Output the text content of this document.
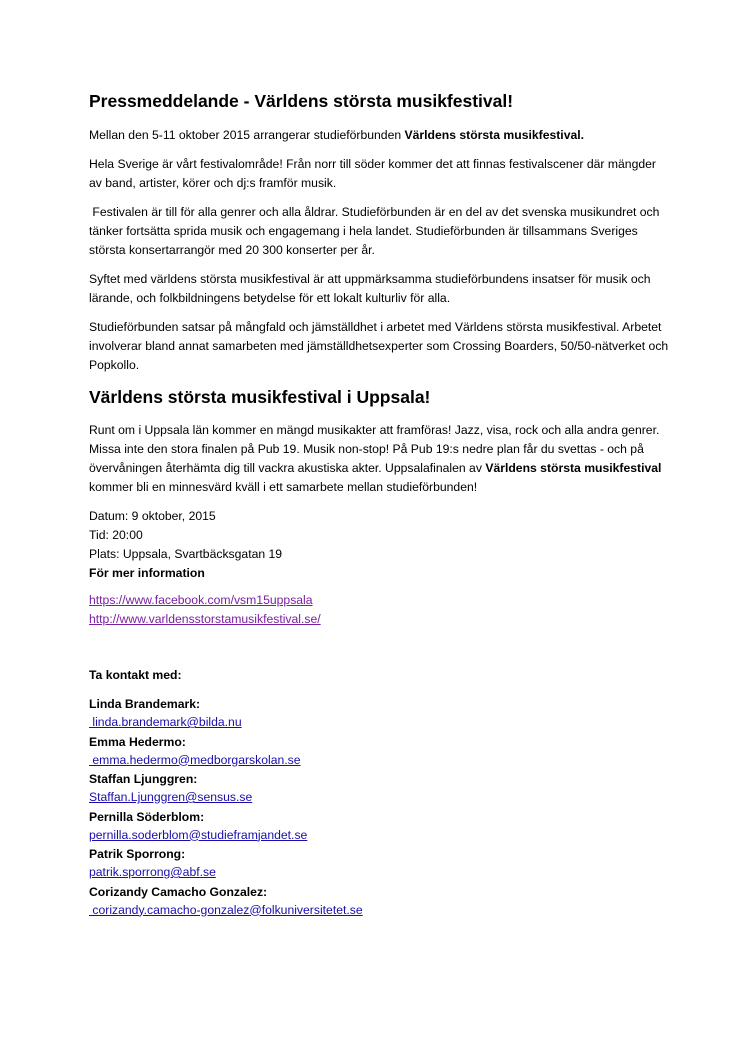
Pressmeddelande - Världens största musikfestival!

Mellan den 5-11 oktober 2015 arrangerar studieförbunden Världens största musikfestival.

Hela Sverige är vårt festivalområde! Från norr till söder kommer det att finnas festivalscener där mängder av band, artister, körer och dj:s framför musik.

Festivalen är till för alla genrer och alla åldrar. Studieförbunden är en del av det svenska musikundret och tänker fortsätta sprida musik och engagemang i hela landet. Studieförbunden är tillsammans Sveriges största konsertarrangör med 20 300 konserter per år.

Syftet med världens största musikfestival är att uppmärksamma studieförbundens insatser för musik och lärande, och folkbildningens betydelse för ett lokalt kulturliv för alla.

Studieförbunden satsar på mångfald och jämställdhet i arbetet med Världens största musikfestival. Arbetet involverar bland annat samarbeten med jämställdhetsexperter som Crossing Boarders, 50/50-nätverket och Popkollo.

Världens största musikfestival i Uppsala!

Runt om i Uppsala län kommer en mängd musikakter att framföras! Jazz, visa, rock och alla andra genrer. Missa inte den stora finalen på Pub 19. Musik non-stop! På Pub 19:s nedre plan får du svettas - och på övervåningen återhämta dig till vackra akustiska akter. Uppsalafinalen av Världens största musikfestival kommer bli en minnesvärd kväll i ett samarbete mellan studieförbunden!

Datum: 9 oktober, 2015
Tid: 20:00
Plats: Uppsala, Svartbäcksgatan 19
För mer information
https://www.facebook.com/vsm15uppsala
http://www.varldensstorstamusikfestival.se/
Ta kontakt med:
Linda Brandemark:
linda.brandemark@bilda.nu
Emma Hedermo:
emma.hedermo@medborgarskolan.se
Staffan Ljunggren:
Staffan.Ljunggren@sensus.se
Pernilla Söderblom:
pernilla.soderblom@studieframjandet.se
Patrik Sporrong:
patrik.sporrong@abf.se
Corizandy Camacho Gonzalez:
corizandy.camacho-gonzalez@folkuniversitetet.se
